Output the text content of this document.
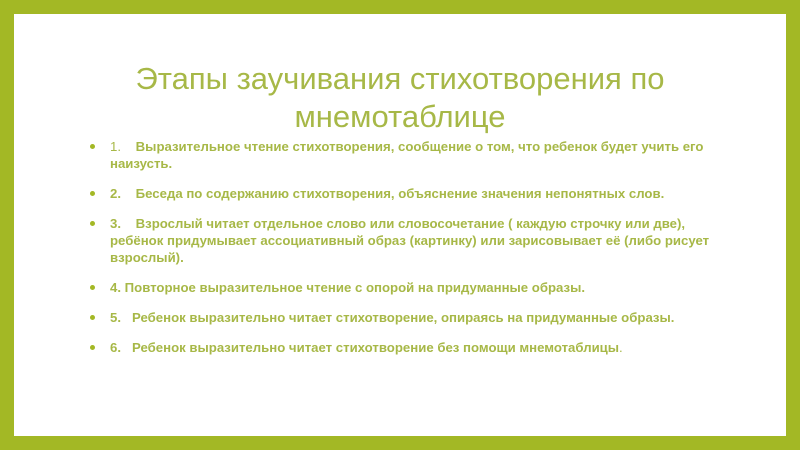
Этапы заучивания стихотворения по
мнемотаблице
1.    Выразительное чтение стихотворения, сообщение о том, что ребенок будет учить его наизусть.
2.    Беседа по содержанию стихотворения, объяснение значения непонятных слов.
3.    Взрослый читает отдельное слово или словосочетание ( каждую строчку или две), ребёнок придумывает ассоциативный образ (картинку) или зарисовывает её (либо рисует взрослый).
4. Повторное выразительное чтение с опорой на придуманные образы.
5.   Ребенок выразительно читает стихотворение, опираясь на придуманные образы.
6.   Ребенок выразительно читает стихотворение без помощи мнемотаблицы.
